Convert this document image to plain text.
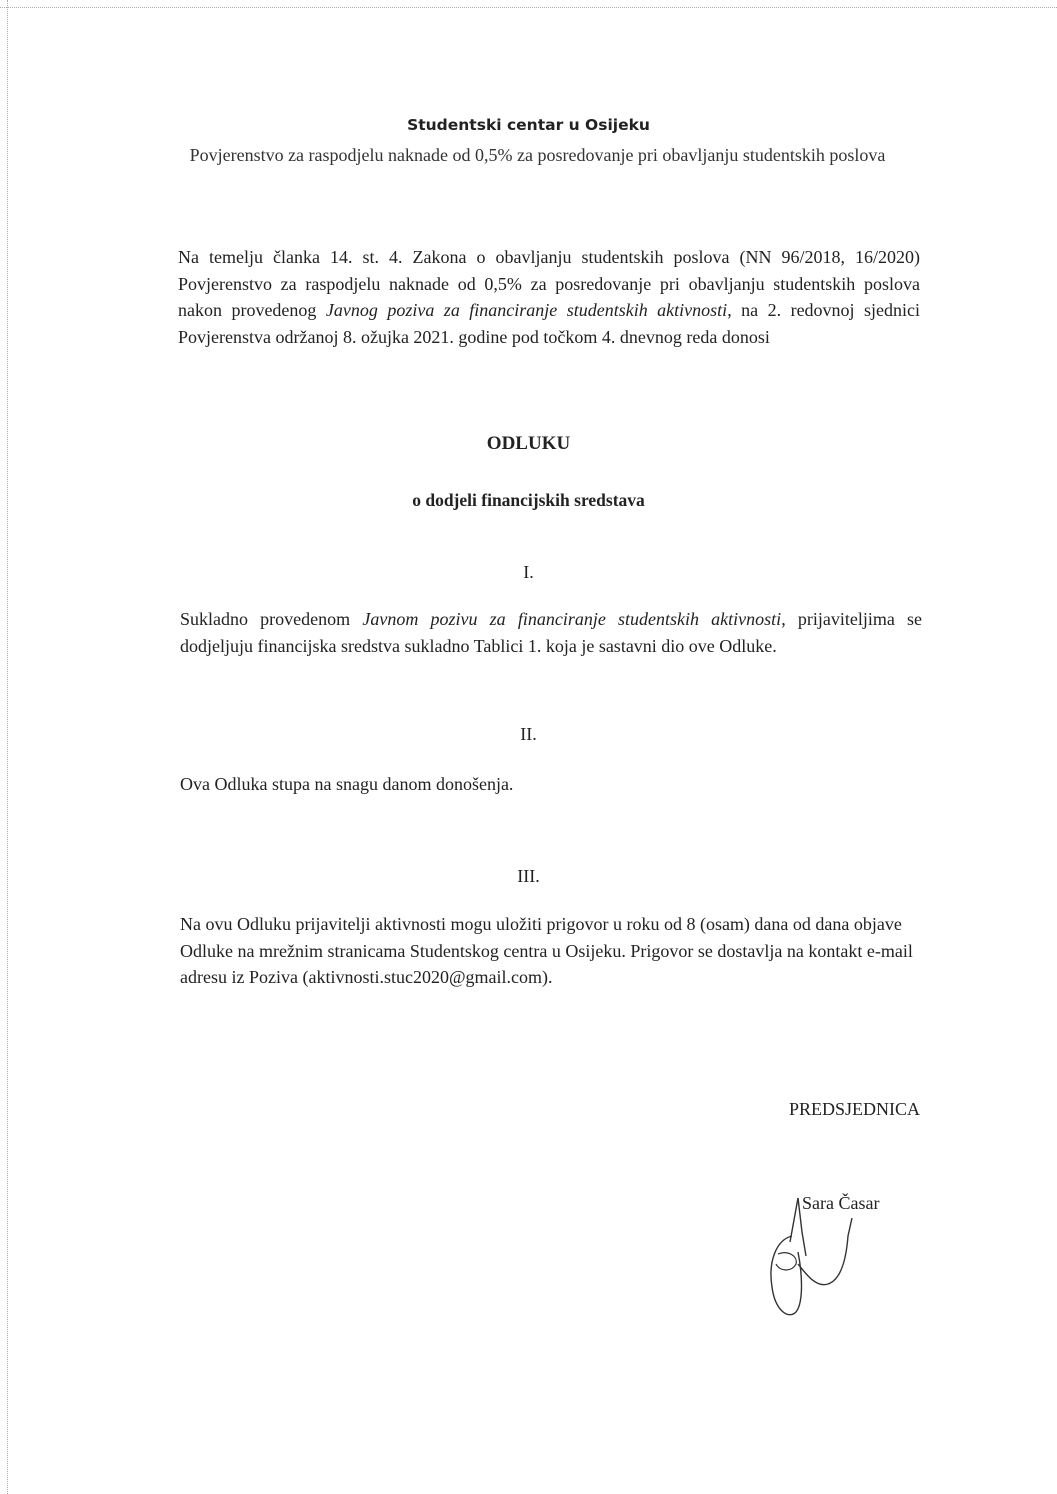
Studentski centar u Osijeku
Povjerenstvo za raspodjelu naknade od 0,5% za posredovanje pri obavljanju studentskih poslova
Na temelju članka 14. st. 4. Zakona o obavljanju studentskih poslova (NN 96/2018, 16/2020) Povjerenstvo za raspodjelu naknade od 0,5% za posredovanje pri obavljanju studentskih poslova nakon provedenog Javnog poziva za financiranje studentskih aktivnosti, na 2. redovnoj sjednici Povjerenstva održanoj 8. ožujka 2021. godine pod točkom 4. dnevnog reda donosi
ODLUKU
o dodjeli financijskih sredstava
I.
Sukladno provedenom Javnom pozivu za financiranje studentskih aktivnosti, prijaviteljima se dodjeljuju financijska sredstva sukladno Tablici 1. koja je sastavni dio ove Odluke.
II.
Ova Odluka stupa na snagu danom donošenja.
III.
Na ovu Odluku prijavitelji aktivnosti mogu uložiti prigovor u roku od 8 (osam) dana od dana objave Odluke na mrežnim stranicama Studentskog centra u Osijeku. Prigovor se dostavlja na kontakt e-mail adresu iz Poziva (aktivnosti.stuc2020@gmail.com).
PREDSJEDNICA
Sara Časar
